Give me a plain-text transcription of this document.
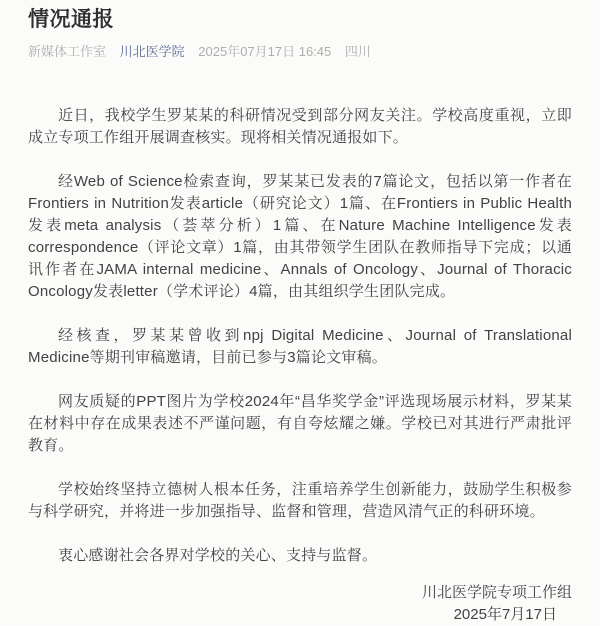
情况通报
新媒体工作室 川北医学院 2025年07月17日 16:45 四川

近日，我校学生罗某某的科研情况受到部分网友关注。学校高度重视，立即成立专项工作组开展调查核实。现将相关情况通报如下。

经Web of Science检索查询，罗某某已发表的7篇论文，包括以第一作者在Frontiers in Nutrition发表article（研究论文）1篇、在Frontiers in Public Health发表meta analysis（荟萃分析）1篇、在Nature Machine Intelligence发表correspondence（评论文章）1篇，由其带领学生团队在教师指导下完成；以通讯作者在JAMA internal medicine、Annals of Oncology、Journal of Thoracic Oncology发表letter（学术评论）4篇，由其组织学生团队完成。

经核查，罗某某曾收到npj Digital Medicine、Journal of Translational Medicine等期刊审稿邀请，目前已参与3篇论文审稿。

网友质疑的PPT图片为学校2024年“昌华奖学金”评选现场展示材料，罗某某在材料中存在成果表述不严谨问题，有自夸炫耀之嫌。学校已对其进行严肃批评教育。

学校始终坚持立德树人根本任务，注重培养学生创新能力，鼓励学生积极参与科学研究，并将进一步加强指导、监督和管理，营造风清气正的科研环境。

衷心感谢社会各界对学校的关心、支持与监督。

川北医学院专项工作组

2025年7月17日
